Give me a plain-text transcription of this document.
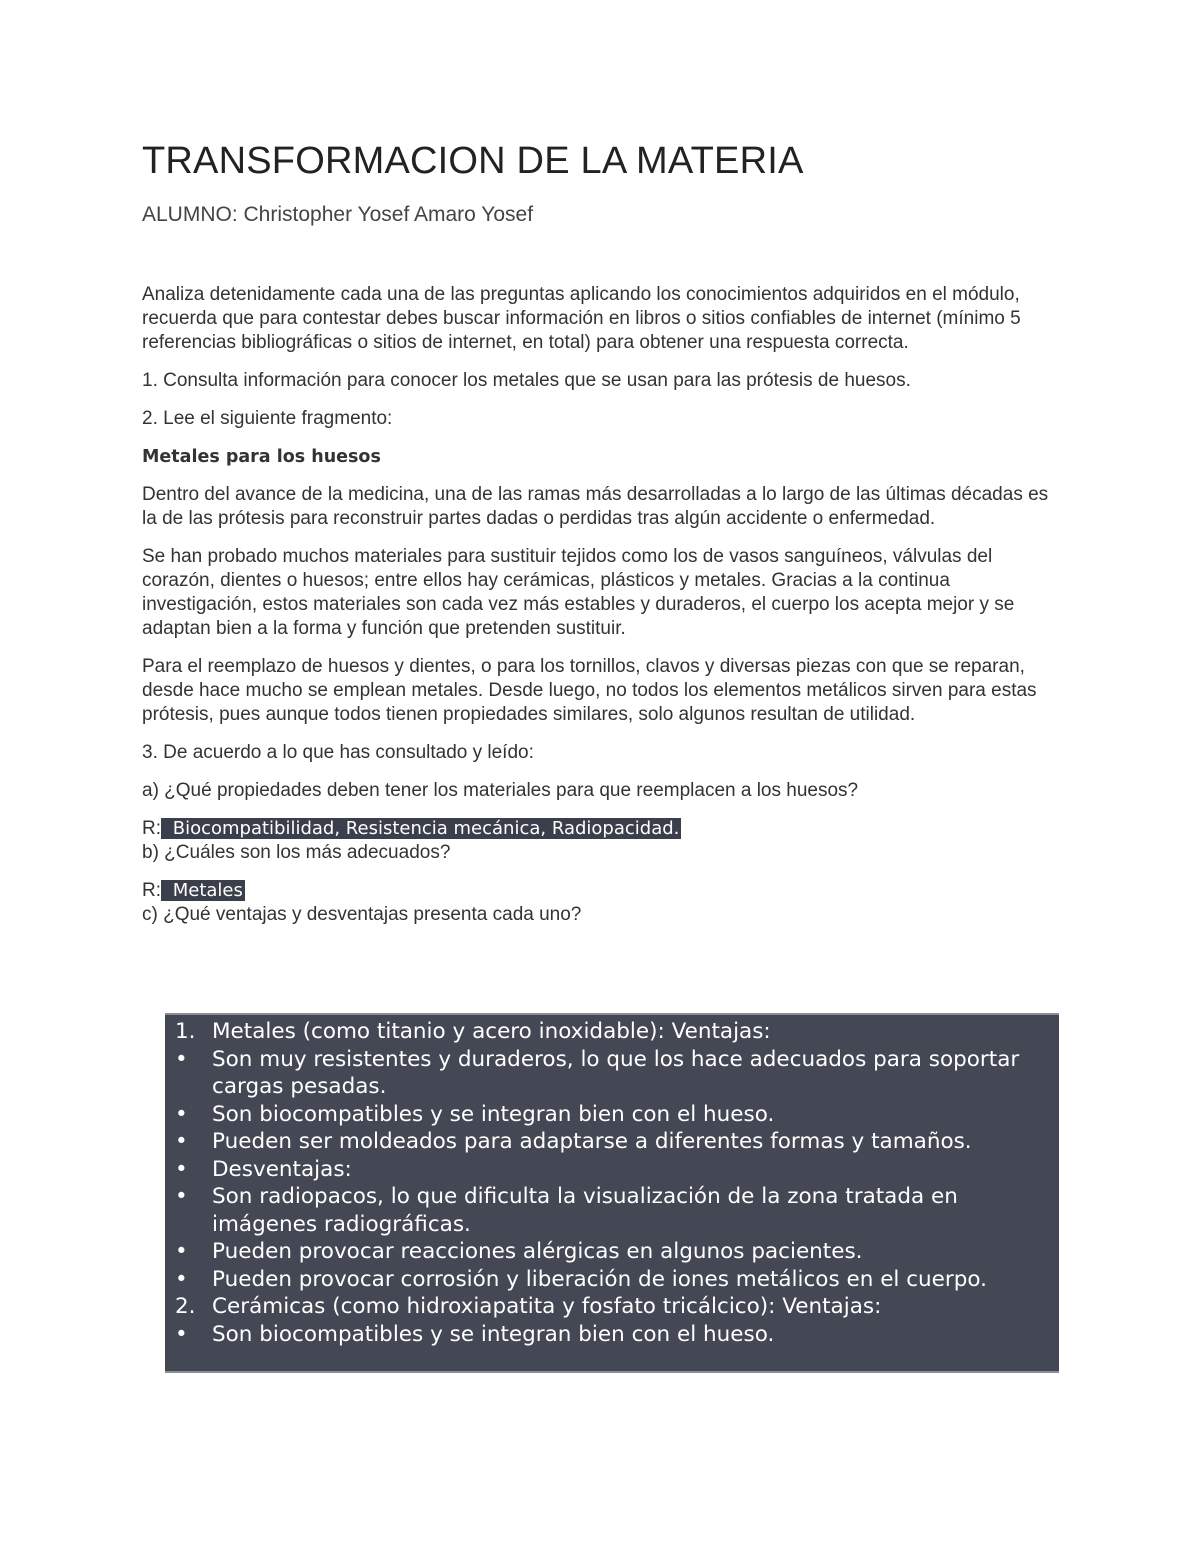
TRANSFORMACION DE LA MATERIA

ALUMNO: Christopher Yosef Amaro Yosef

Analiza detenidamente cada una de las preguntas aplicando los conocimientos adquiridos en el módulo, recuerda que para contestar debes buscar información en libros o sitios confiables de internet (mínimo 5 referencias bibliográficas o sitios de internet, en total) para obtener una respuesta correcta.

1. Consulta información para conocer los metales que se usan para las prótesis de huesos.

2. Lee el siguiente fragmento:

Metales para los huesos

Dentro del avance de la medicina, una de las ramas más desarrolladas a lo largo de las últimas décadas es la de las prótesis para reconstruir partes dadas o perdidas tras algún accidente o enfermedad.

Se han probado muchos materiales para sustituir tejidos como los de vasos sanguíneos, válvulas del corazón, dientes o huesos; entre ellos hay cerámicas, plásticos y metales. Gracias a la continua investigación, estos materiales son cada vez más estables y duraderos, el cuerpo los acepta mejor y se adaptan bien a la forma y función que pretenden sustituir.

Para el reemplazo de huesos y dientes, o para los tornillos, clavos y diversas piezas con que se reparan, desde hace mucho se emplean metales. Desde luego, no todos los elementos metálicos sirven para estas prótesis, pues aunque todos tienen propiedades similares, solo algunos resultan de utilidad.

3. De acuerdo a lo que has consultado y leído:

a) ¿Qué propiedades deben tener los materiales para que reemplacen a los huesos?

R: Biocompatibilidad, Resistencia mecánica, Radiopacidad.

b) ¿Cuáles son los más adecuados?

R: Metales

c) ¿Qué ventajas y desventajas presenta cada uno?

1. Metales (como titanio y acero inoxidable): Ventajas:
•	Son muy resistentes y duraderos, lo que los hace adecuados para soportar cargas pesadas.
•	Son biocompatibles y se integran bien con el hueso.
•	Pueden ser moldeados para adaptarse a diferentes formas y tamaños.
•	Desventajas:
•	Son radiopacos, lo que dificulta la visualización de la zona tratada en imágenes radiográficas.
•	Pueden provocar reacciones alérgicas en algunos pacientes.
•	Pueden provocar corrosión y liberación de iones metálicos en el cuerpo.
2. Cerámicas (como hidroxiapatita y fosfato tricálcico): Ventajas:
•	Son biocompatibles y se integran bien con el hueso.
